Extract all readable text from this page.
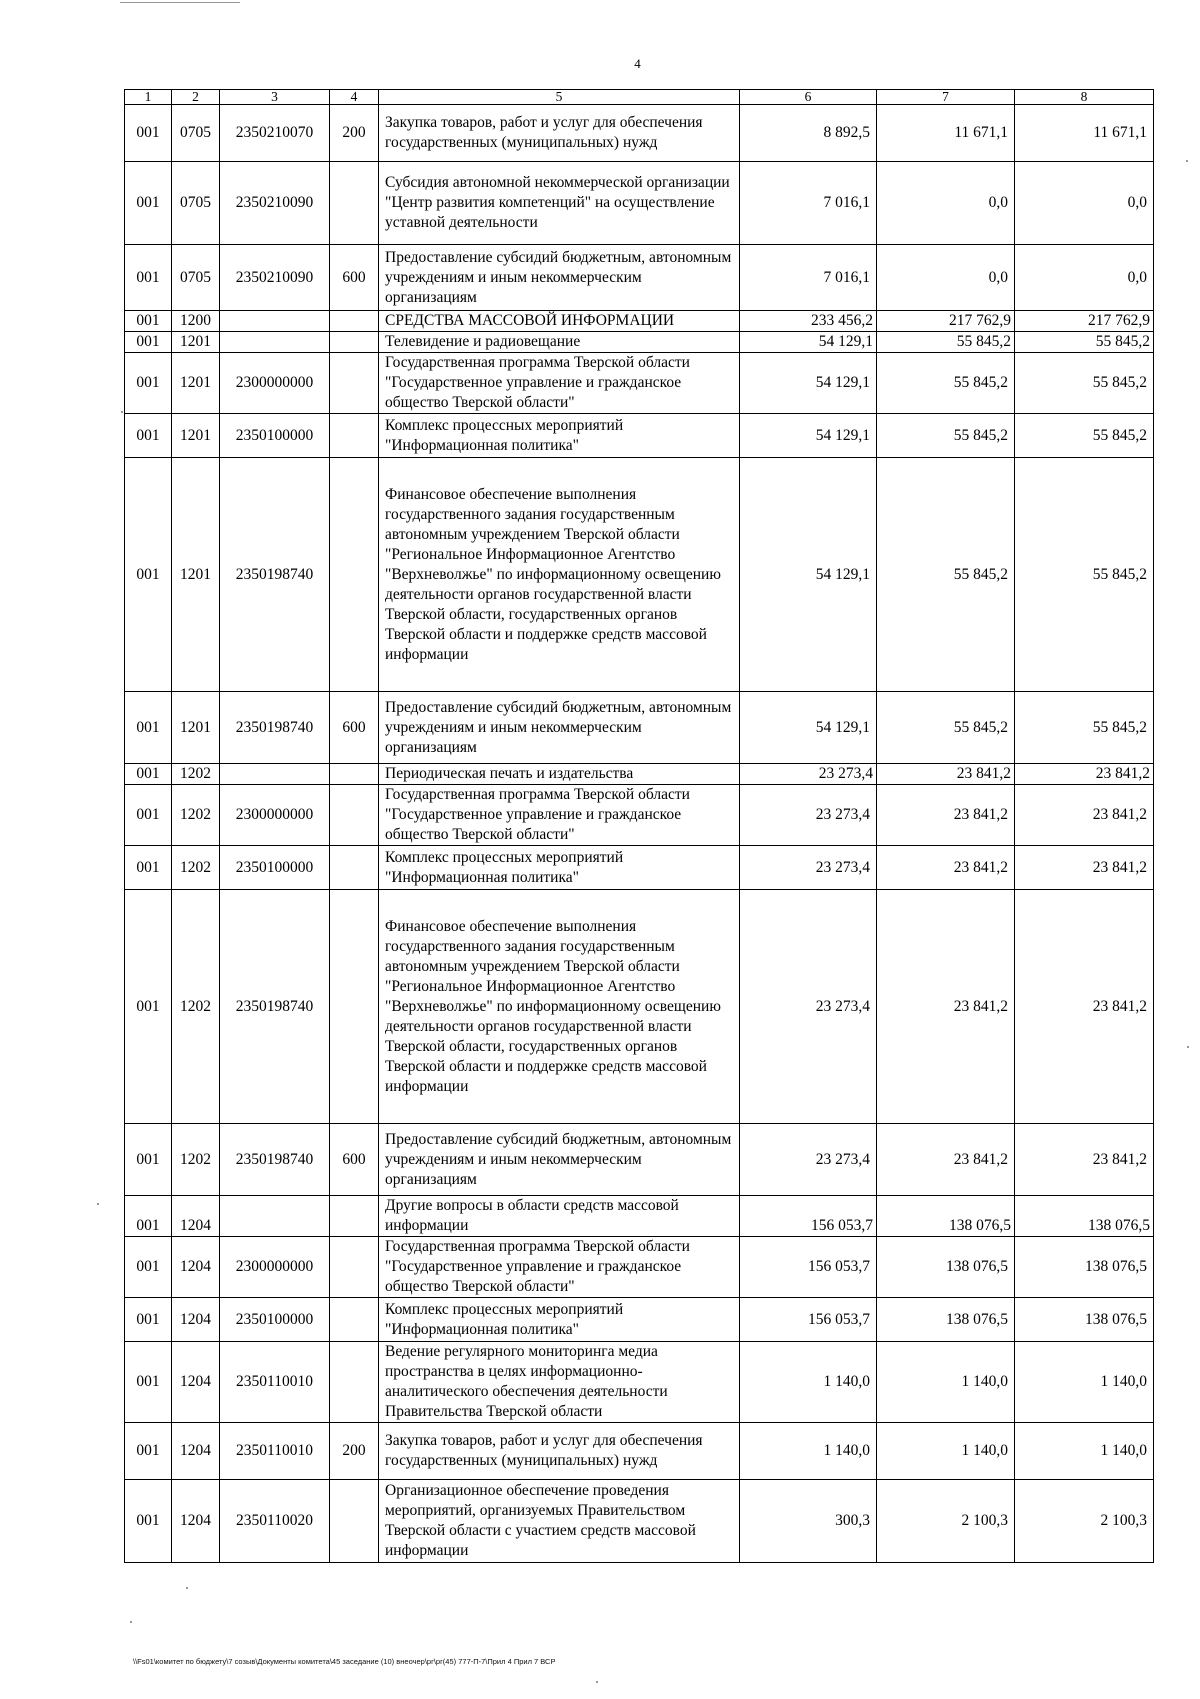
4
1	2	3	4	5	6	7	8
001	0705	2350210070	200	Закупка товаров, работ и услуг для обеспечения государственных (муниципальных) нужд	8 892,5	11 671,1	11 671,1
001	0705	2350210090		Субсидия автономной некоммерческой организации "Центр развития компетенций" на осуществление уставной деятельности	7 016,1	0,0	0,0
001	0705	2350210090	600	Предоставление субсидий бюджетным, автономным учреждениям и иным некоммерческим организациям	7 016,1	0,0	0,0
001	1200			СРЕДСТВА МАССОВОЙ ИНФОРМАЦИИ	233 456,2	217 762,9	217 762,9
001	1201			Телевидение и радиовещание	54 129,1	55 845,2	55 845,2
001	1201	2300000000		Государственная программа Тверской области "Государственное управление и гражданское общество Тверской области"	54 129,1	55 845,2	55 845,2
001	1201	2350100000		Комплекс процессных мероприятий "Информационная политика"	54 129,1	55 845,2	55 845,2
001	1201	2350198740		Финансовое обеспечение выполнения государственного задания государственным автономным учреждением Тверской области "Региональное Информационное Агентство "Верхневолжье" по информационному освещению деятельности органов государственной власти Тверской области, государственных органов Тверской области и поддержке средств массовой информации	54 129,1	55 845,2	55 845,2
001	1201	2350198740	600	Предоставление субсидий бюджетным, автономным учреждениям и иным некоммерческим организациям	54 129,1	55 845,2	55 845,2
001	1202			Периодическая печать и издательства	23 273,4	23 841,2	23 841,2
001	1202	2300000000		Государственная программа Тверской области "Государственное управление и гражданское общество Тверской области"	23 273,4	23 841,2	23 841,2
001	1202	2350100000		Комплекс процессных мероприятий "Информационная политика"	23 273,4	23 841,2	23 841,2
001	1202	2350198740		Финансовое обеспечение выполнения государственного задания государственным автономным учреждением Тверской области "Региональное Информационное Агентство "Верхневолжье" по информационному освещению деятельности органов государственной власти Тверской области, государственных органов Тверской области и поддержке средств массовой информации	23 273,4	23 841,2	23 841,2
001	1202	2350198740	600	Предоставление субсидий бюджетным, автономным учреждениям и иным некоммерческим организациям	23 273,4	23 841,2	23 841,2
001	1204			Другие вопросы в области средств массовой информации	156 053,7	138 076,5	138 076,5
001	1204	2300000000		Государственная программа Тверской области "Государственное управление и гражданское общество Тверской области"	156 053,7	138 076,5	138 076,5
001	1204	2350100000		Комплекс процессных мероприятий "Информационная политика"	156 053,7	138 076,5	138 076,5
001	1204	2350110010		Ведение регулярного мониторинга медиа пространства в целях информационно-аналитического обеспечения деятельности Правительства Тверской области	1 140,0	1 140,0	1 140,0
001	1204	2350110010	200	Закупка товаров, работ и услуг для обеспечения государственных (муниципальных) нужд	1 140,0	1 140,0	1 140,0
001	1204	2350110020		Организационное обеспечение проведения мероприятий, организуемых Правительством Тверской области с участием средств массовой информации	300,3	2 100,3	2 100,3
\\Fs01\комитет по бюджету\7 созыв\Документы комитета\45 заседание (10) внеочер\рг\рг(45) 777-П-7\Прил 4 Прил 7 ВСР
